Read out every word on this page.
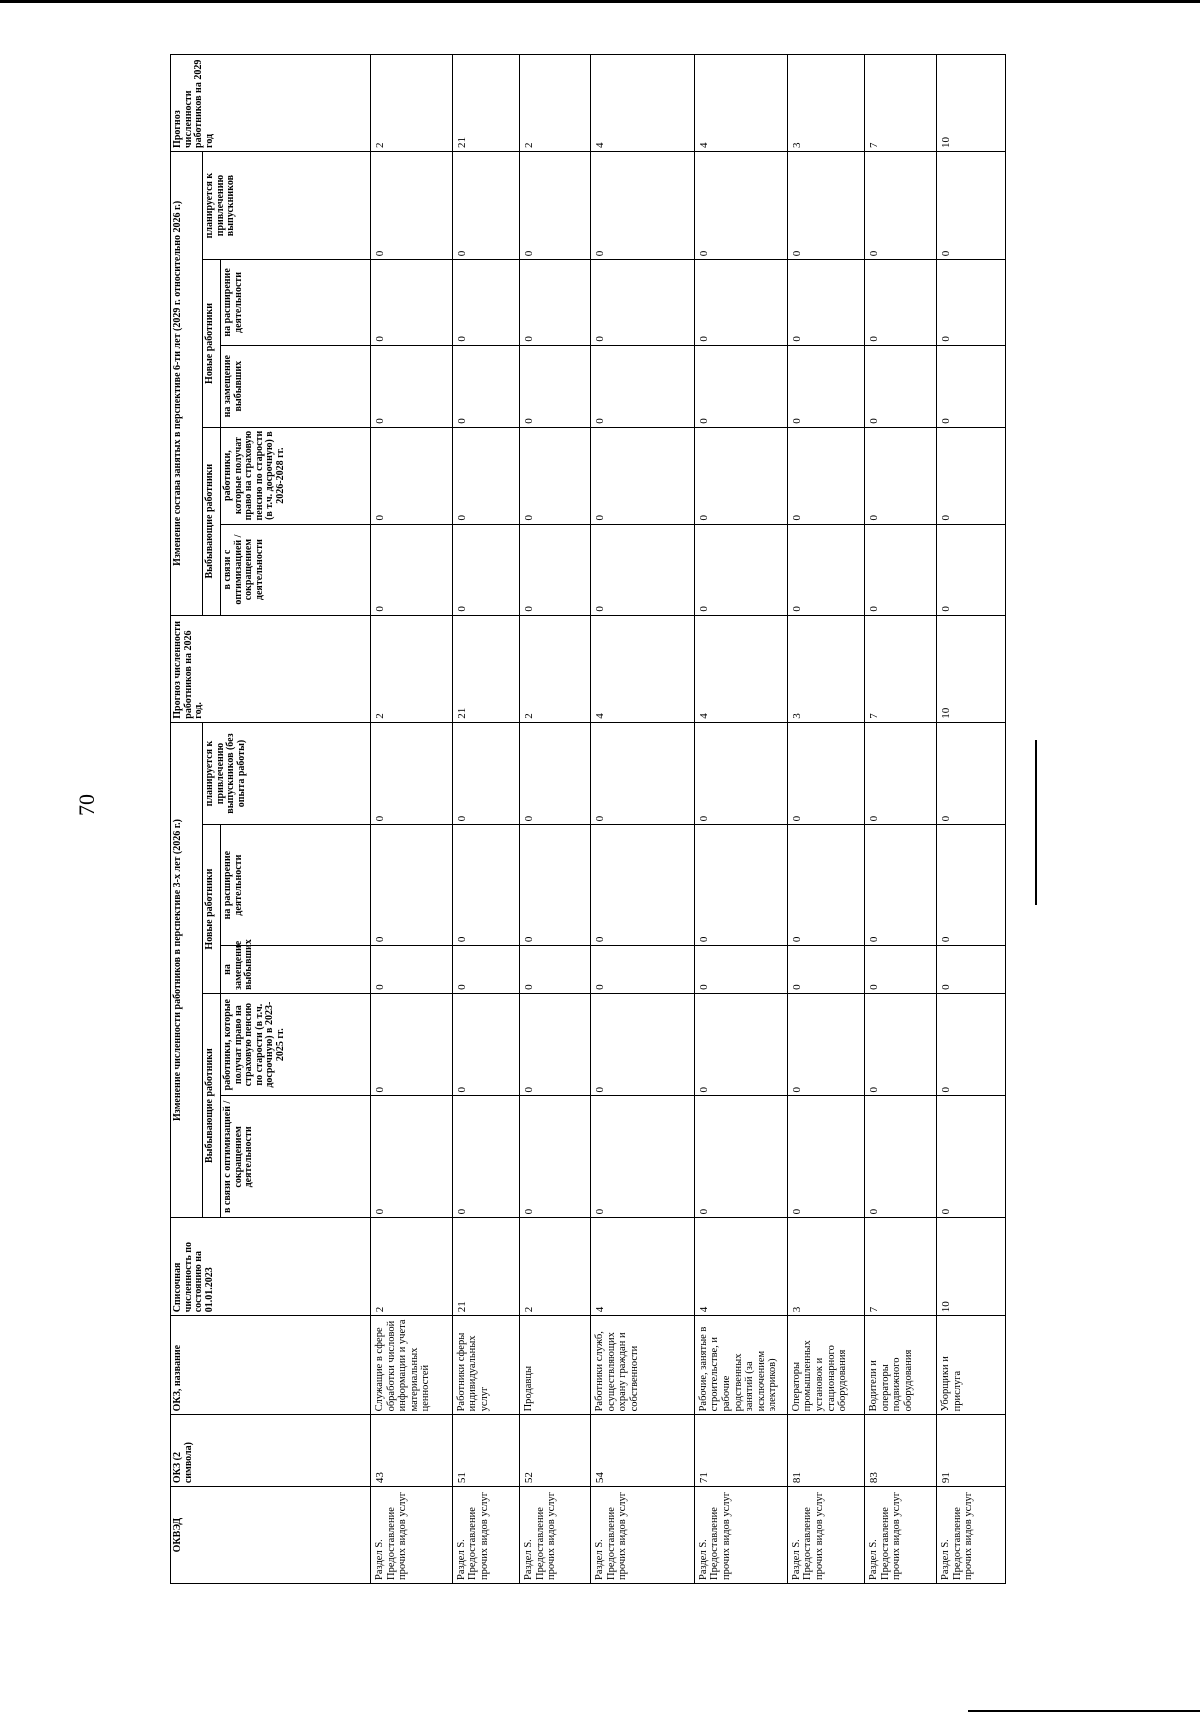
70
ОКВЭД	ОКЗ (2 символа)	ОКЗ, название	Списочная численность по состоянию на 01.01.2023	Изменение численности работников в перспективе 3-х лет (2026 г.)					Прогноз численности работников на 2026 год.	Изменение состава занятых в перспективе 6-ти лет (2029 г. относительно 2026 г.)					Прогноз численности работников на 2029 год
				Выбывающие работники		Новые работники		планируется к привлечению выпускников (без опыта работы)		Выбывающие работники		Новые работники		планируется к привлечению выпускников	
				в связи с оптимизацией / сокращением деятельности	работники, которые получат право на страховую пенсию по старости (в т.ч. досрочную) в 2023-2025 гг.	на замещение выбывших	на расширение деятельности			в связи с оптимизацией / сокращением деятельности	работники, которые получат право на страховую пенсию по старости (в т.ч. досрочную) в 2026-2028 гг.	на замещение выбывших	на расширение деятельности		
Раздел S. Предоставление прочих видов услуг	43	Служащие в сфере обработки числовой информации и учета материальных ценностей	2	0	0	0	0	0	2	0	0	0	0	0	2
Раздел S. Предоставление прочих видов услуг	51	Работники сферы индивидуальных услуг	21	0	0	0	0	0	21	0	0	0	0	0	21
Раздел S. Предоставление прочих видов услуг	52	Продавцы	2	0	0	0	0	0	2	0	0	0	0	0	2
Раздел S. Предоставление прочих видов услуг	54	Работники служб, осуществляющих охрану граждан и собственности	4	0	0	0	0	0	4	0	0	0	0	0	4
Раздел S. Предоставление прочих видов услуг	71	Рабочие, занятые в строительстве, и рабочие родственных занятий (за исключением электриков)	4	0	0	0	0	0	4	0	0	0	0	0	4
Раздел S. Предоставление прочих видов услуг	81	Операторы промышленных установок и стационарного оборудования	3	0	0	0	0	0	3	0	0	0	0	0	3
Раздел S. Предоставление прочих видов услуг	83	Водители и операторы подвижного оборудования	7	0	0	0	0	0	7	0	0	0	0	0	7
Раздел S. Предоставление прочих видов услуг	91	Уборщики и прислуга	10	0	0	0	0	0	10	0	0	0	0	0	10
